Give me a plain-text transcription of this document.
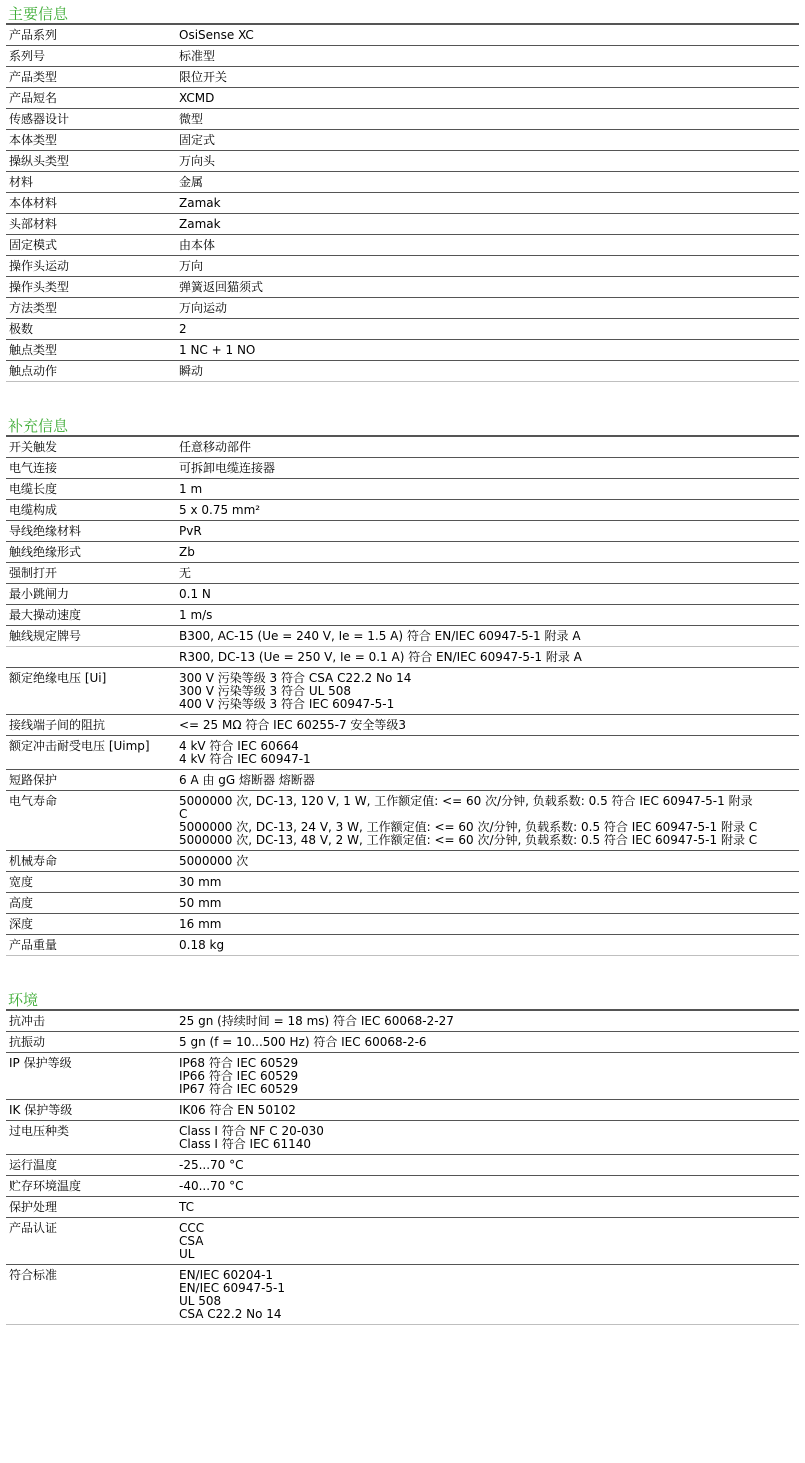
主要信息
产品系列	OsiSense XC

系列号	标准型

产品类型	限位开关

产品短名	XCMD

传感器设计	微型

本体类型	固定式

操纵头类型	万向头

材料	金属

本体材料	Zamak

头部材料	Zamak

固定模式	由本体

操作头运动	万向

操作头类型	弹簧返回猫须式

方法类型	万向运动

极数	2

触点类型	1 NC + 1 NO

触点动作	瞬动
补充信息
开关触发	任意移动部件

电气连接	可拆卸电缆连接器

电缆长度	1 m

电缆构成	5 x 0.75 mm²

导线绝缘材料	PvR

触线绝缘形式	Zb

强制打开	无

最小跳闸力	0.1 N

最大操动速度	1 m/s

触线规定牌号	B300, AC-15 (Ue = 240 V, Ie = 1.5 A) 符合 EN/IEC 60947-5-1 附录 A

	R300, DC-13 (Ue = 250 V, Ie = 0.1 A) 符合 EN/IEC 60947-5-1 附录 A

额定绝缘电压 [Ui]	300 V 污染等级 3 符合 CSA C22.2 No 14
300 V 污染等级 3 符合 UL 508
400 V 污染等级 3 符合 IEC 60947-5-1

接线端子间的阻抗	<= 25 MΩ 符合 IEC 60255-7 安全等级3

额定冲击耐受电压 [Uimp]	4 kV 符合 IEC 60664
4 kV 符合 IEC 60947-1

短路保护	6 A 由 gG 熔断器 熔断器

电气寿命	5000000 次, DC-13, 120 V, 1 W, 工作额定值: <= 60 次/分钟, 负载系数: 0.5 符合 IEC 60947-5-1 附录
C
5000000 次, DC-13, 24 V, 3 W, 工作额定值: <= 60 次/分钟, 负载系数: 0.5 符合 IEC 60947-5-1 附录 C
5000000 次, DC-13, 48 V, 2 W, 工作额定值: <= 60 次/分钟, 负载系数: 0.5 符合 IEC 60947-5-1 附录 C

机械寿命	5000000 次

宽度	30 mm

高度	50 mm

深度	16 mm

产品重量	0.18 kg
环境
抗冲击	25 gn (持续时间 = 18 ms) 符合 IEC 60068-2-27

抗振动	5 gn (f = 10...500 Hz) 符合 IEC 60068-2-6

IP 保护等级	IP68 符合 IEC 60529
IP66 符合 IEC 60529
IP67 符合 IEC 60529

IK 保护等级	IK06 符合 EN 50102

过电压种类	Class I 符合 NF C 20-030
Class I 符合 IEC 61140

运行温度	-25...70 °C

贮存环境温度	-40...70 °C

保护处理	TC

产品认证	CCC
CSA
UL

符合标准	EN/IEC 60204-1
EN/IEC 60947-5-1
UL 508
CSA C22.2 No 14
